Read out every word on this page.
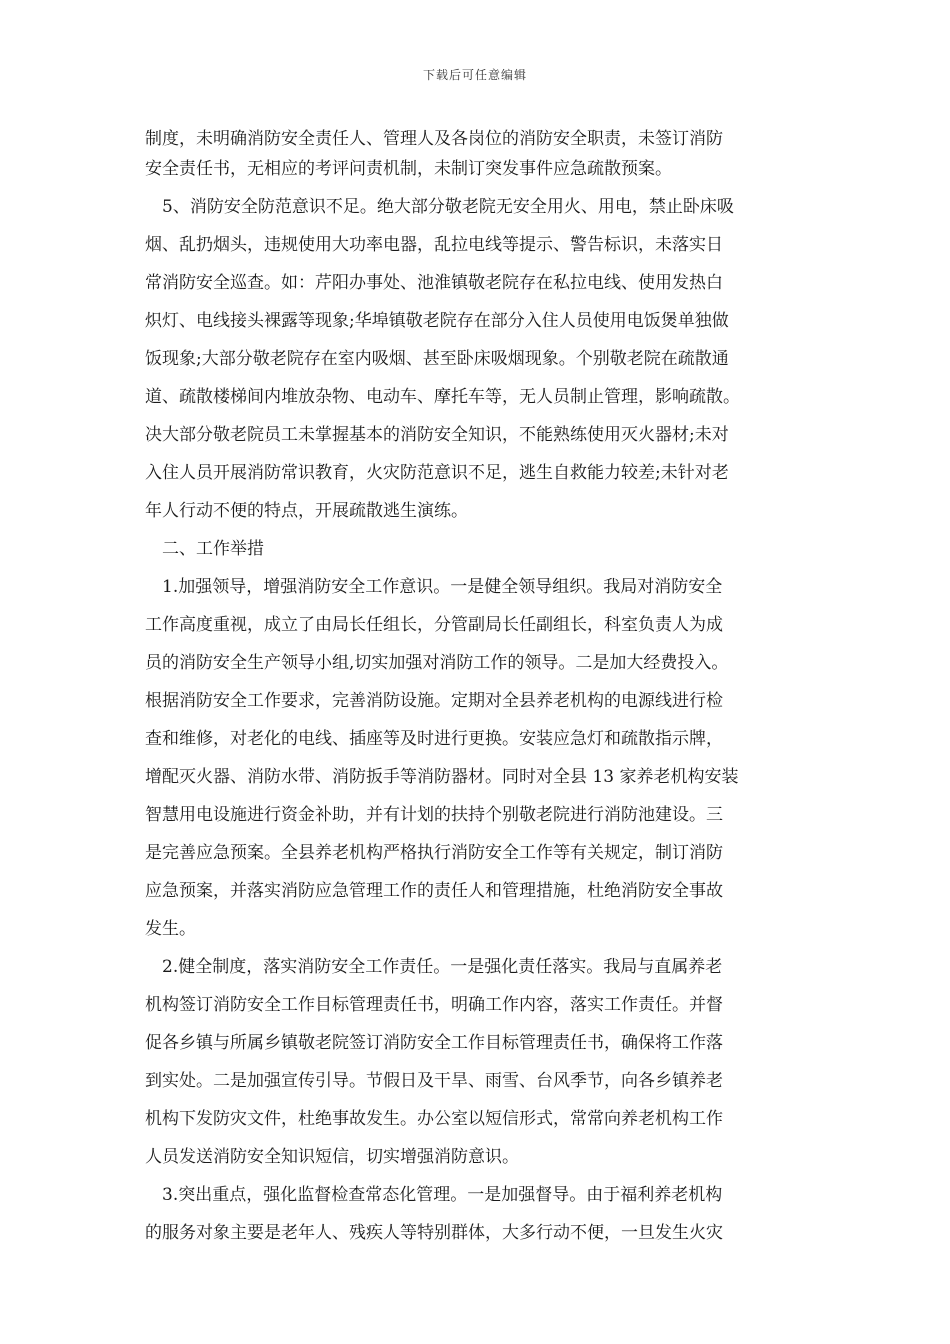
下载后可任意编辑
制度，未明确消防安全责任人、管理人及各岗位的消防安全职责，未签订消防
安全责任书，无相应的考评问责机制，未制订突发事件应急疏散预案。
5、消防安全防范意识不足。绝大部分敬老院无安全用火、用电，禁止卧床吸
烟、乱扔烟头，违规使用大功率电器，乱拉电线等提示、警告标识，未落实日
常消防安全巡查。如：芹阳办事处、池淮镇敬老院存在私拉电线、使用发热白
炽灯、电线接头裸露等现象;华埠镇敬老院存在部分入住人员使用电饭煲单独做
饭现象;大部分敬老院存在室内吸烟、甚至卧床吸烟现象。个别敬老院在疏散通
道、疏散楼梯间内堆放杂物、电动车、摩托车等，无人员制止管理，影响疏散。
决大部分敬老院员工未掌握基本的消防安全知识，不能熟练使用灭火器材;未对
入住人员开展消防常识教育，火灾防范意识不足，逃生自救能力较差;未针对老
年人行动不便的特点，开展疏散逃生演练。
二、工作举措
1.加强领导，增强消防安全工作意识。一是健全领导组织。我局对消防安全
工作高度重视，成立了由局长任组长，分管副局长任副组长，科室负责人为成
员的消防安全生产领导小组,切实加强对消防工作的领导。二是加大经费投入。
根据消防安全工作要求，完善消防设施。定期对全县养老机构的电源线进行检
查和维修，对老化的电线、插座等及时进行更换。安装应急灯和疏散指示牌，
增配灭火器、消防水带、消防扳手等消防器材。同时对全县 13 家养老机构安装
智慧用电设施进行资金补助，并有计划的扶持个别敬老院进行消防池建设。三
是完善应急预案。全县养老机构严格执行消防安全工作等有关规定，制订消防
应急预案，并落实消防应急管理工作的责任人和管理措施，杜绝消防安全事故
发生。
2.健全制度，落实消防安全工作责任。一是强化责任落实。我局与直属养老
机构签订消防安全工作目标管理责任书，明确工作内容，落实工作责任。并督
促各乡镇与所属乡镇敬老院签订消防安全工作目标管理责任书，确保将工作落
到实处。二是加强宣传引导。节假日及干旱、雨雪、台风季节，向各乡镇养老
机构下发防灾文件，杜绝事故发生。办公室以短信形式，常常向养老机构工作
人员发送消防安全知识短信，切实增强消防意识。
3.突出重点，强化监督检查常态化管理。一是加强督导。由于福利养老机构
的服务对象主要是老年人、残疾人等特别群体，大多行动不便，一旦发生火灾
